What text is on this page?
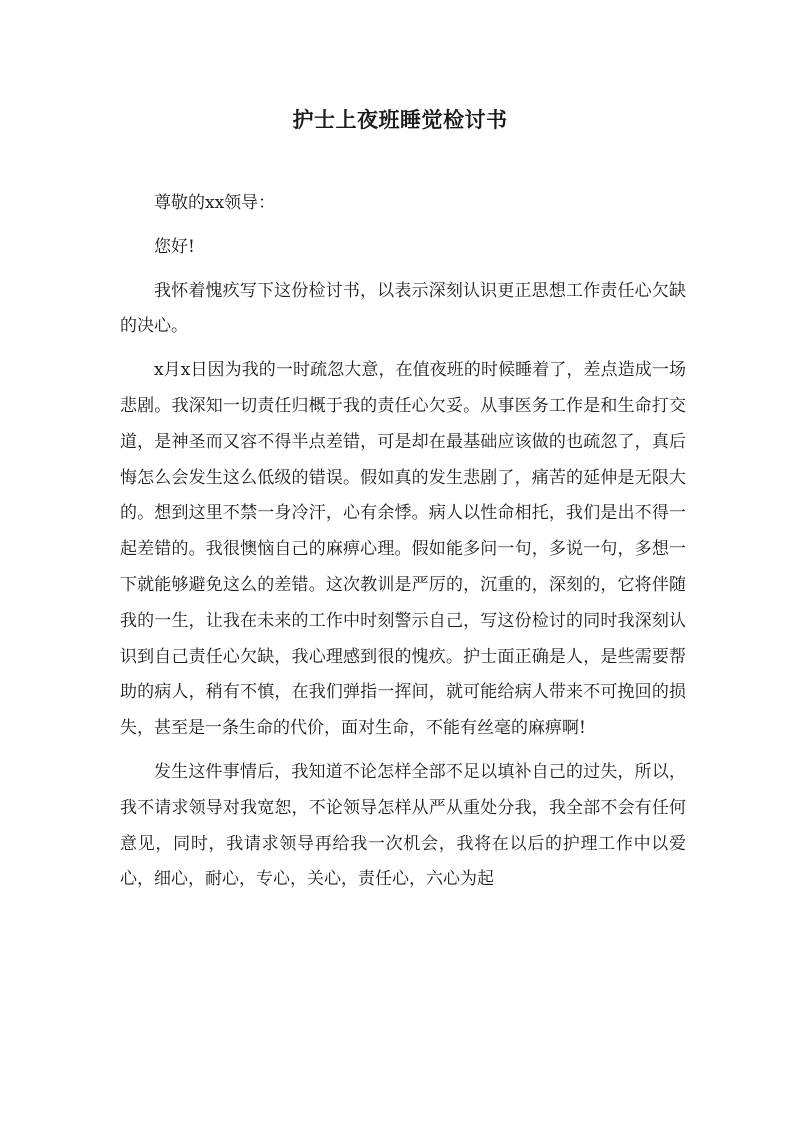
护士上夜班睡觉检讨书

尊敬的xx领导：

您好!

我怀着愧疚写下这份检讨书，以表示深刻认识更正思想工作责任心欠缺的决心。

x月x日因为我的一时疏忽大意，在值夜班的时候睡着了，差点造成一场悲剧。我深知一切责任归概于我的责任心欠妥。从事医务工作是和生命打交道，是神圣而又容不得半点差错，可是却在最基础应该做的也疏忽了，真后悔怎么会发生这么低级的错误。假如真的发生悲剧了，痛苦的延伸是无限大的。想到这里不禁一身冷汗，心有余悸。病人以性命相托，我们是出不得一起差错的。我很懊恼自己的麻痹心理。假如能多问一句，多说一句，多想一下就能够避免这么的差错。这次教训是严厉的，沉重的，深刻的，它将伴随我的一生，让我在未来的工作中时刻警示自己，写这份检讨的同时我深刻认识到自己责任心欠缺，我心理感到很的愧疚。护士面正确是人，是些需要帮助的病人，稍有不慎，在我们弹指一挥间，就可能给病人带来不可挽回的损失，甚至是一条生命的代价，面对生命，不能有丝毫的麻痹啊!

发生这件事情后，我知道不论怎样全部不足以填补自己的过失，所以，我不请求领导对我宽恕，不论领导怎样从严从重处分我，我全部不会有任何意见，同时，我请求领导再给我一次机会，我将在以后的护理工作中以爱心，细心，耐心，专心，关心，责任心，六心为起
